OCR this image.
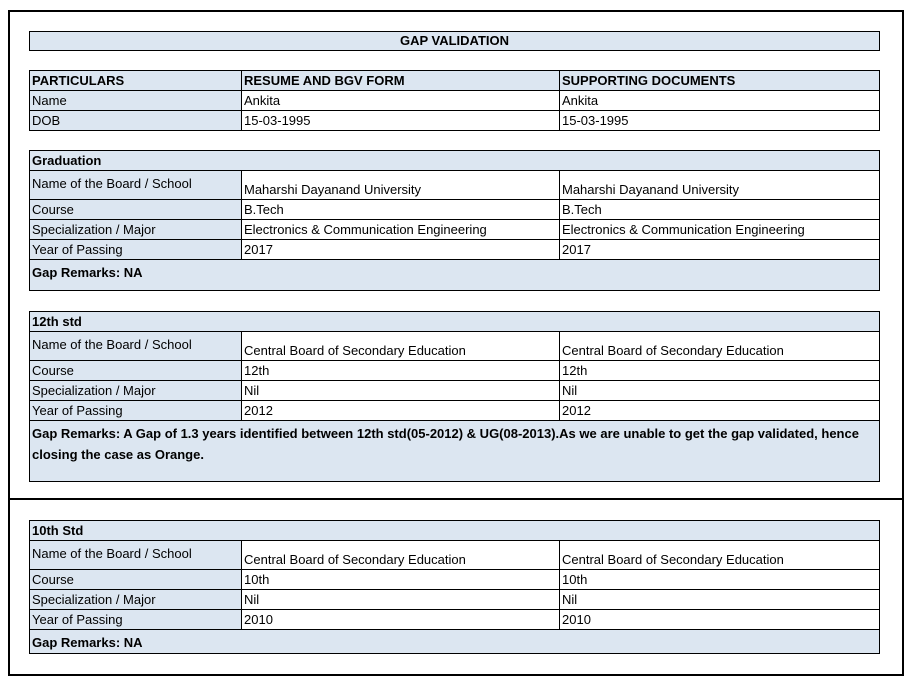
GAP VALIDATION
PARTICULARS	RESUME AND BGV FORM	SUPPORTING DOCUMENTS
Name	Ankita	Ankita
DOB	15-03-1995	15-03-1995
Graduation		
Name of the Board / School	Maharshi Dayanand University	Maharshi Dayanand University
Course	B.Tech	B.Tech
Specialization / Major	Electronics & Communication Engineering	Electronics & Communication Engineering
Year of Passing	2017	2017
Gap Remarks: NA		
12th std		
Name of the Board / School	Central Board of Secondary Education	Central Board of Secondary Education
Course	12th	12th
Specialization / Major	Nil	Nil
Year of Passing	2012	2012
Gap Remarks: A Gap of 1.3 years identified between 12th std(05-2012) & UG(08-2013).As we are unable to get the gap validated, hence closing the case as Orange.		
10th Std		
Name of the Board / School	Central Board of Secondary Education	Central Board of Secondary Education
Course	10th	10th
Specialization / Major	Nil	Nil
Year of Passing	2010	2010
Gap Remarks: NA		
